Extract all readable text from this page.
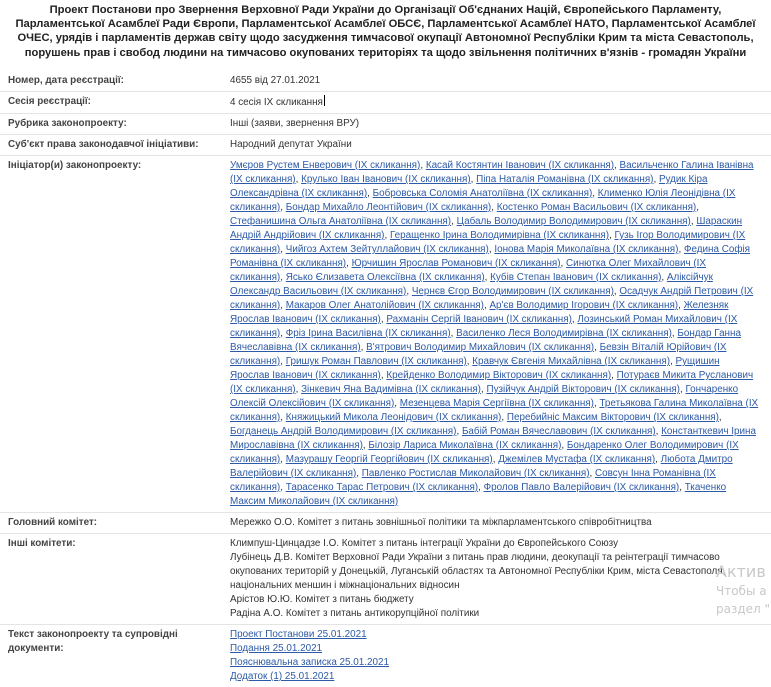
Проект Постанови про Звернення Верховної Ради України до Організації Об'єднаних Націй, Європейського Парламенту,
Парламентської Асамблеї Ради Європи, Парламентської Асамблеї ОБСЄ, Парламентської Асамблеї НАТО, Парламентської Асамблеї
ОЧЕС, урядів і парламентів держав світу щодо засудження тимчасової окупації Автономної Республіки Крим та міста Севастополь,
порушень прав і свобод людини на тимчасово окупованих територіях та щодо звільнення політичних в'язнів - громадян України
Номер, дата реєстрації:	4655 від 27.01.2021
Сесія реєстрації:	4 сесія IX скликання
Рубрика законопроекту:	Інші (заяви, звернення ВРУ)
Суб'єкт права законодавчої ініціативи:	Народний депутат України
Ініціатор(и) законопроекту:	Умєров Рустем Енверович (IX скликання), Касай Костянтин Іванович (IX скликання), Васильченко Галина Іванівна (IX скликання), Крулько Іван Іванович (IX скликання), Піпа Наталія Романівна (IX скликання), Рудик Кіра Олександрівна (IX скликання), Бобровська Соломія Анатоліївна (IX скликання), Клименко Юлія Леонідівна (IX скликання), Бондар Михайло Леонтійович (IX скликання), Костенко Роман Васильович (IX скликання), Стефанишина Ольга Анатоліївна (IX скликання), Цабаль Володимир Володимирович (IX скликання), Шараскин Андрій Андрійович (IX скликання), Геращенко Ірина Володимирівна (IX скликання), Гузь Ігор Володимирович (IX скликання), Чийгоз Ахтем Зейтуллайович (IX скликання), Іонова Марія Миколаївна (IX скликання), Федина Софія Романівна (IX скликання), Юрчишин Ярослав Романович (IX скликання), Синютка Олег Михайлович (IX скликання), Ясько Єлизавета Олексіївна (IX скликання), Кубів Степан Іванович (IX скликання), Аліксійчук Олександр Васильович (IX скликання), Чернєв Єгор Володимирович (IX скликання), Осадчук Андрій Петрович (IX скликання), Макаров Олег Анатолійович (IX скликання), Ар'єв Володимир Ігорович (IX скликання), Железняк Ярослав Іванович (IX скликання), Рахманін Сергій Іванович (IX скликання), Лозинський Роман Михайлович (IX скликання), Фріз Ірина Василівна (IX скликання), Василенко Леся Володимирівна (IX скликання), Бондар Ганна Вячеславівна (IX скликання), В'ятрович Володимир Михайлович (IX скликання), Бевзін Віталій Юрійович (IX скликання), Гришук Роман Павлович (IX скликання), Кравчук Євгенія Михайлівна (IX скликання), Рущишин Ярослав Іванович (IX скликання), Крейденко Володимир Вікторович (IX скликання), Потураєв Микита Русланович (IX скликання), Зінкевич Яна Вадимівна (IX скликання), Пузійчук Андрій Вікторович (IX скликання), Гончаренко Олексій Олексійович (IX скликання), Мезенцева Марія Сергіївна (IX скликання), Третьякова Галина Миколаївна (IX скликання), Княжицький Микола Леонідович (IX скликання), Перебийніс Максим Вікторович (IX скликання), Богданець Андрій Володимирович (IX скликання), Бабій Роман Вячеславович (IX скликання), Константкевич Ірина Мирославівна (IX скликання), Білозір Лариса Миколаївна (IX скликання), Бондаренко Олег Володимирович (IX скликання), Мазурашу Георгій Георгійович (IX скликання), Джемілев Мустафа (IX скликання), Любота Дмитро Валерійович (IX скликання), Павленко Ростислав Миколайович (IX скликання), Совсун Інна Романівна (IX скликання), Тарасенко Тарас Петрович (IX скликання), Фролов Павло Валерійович (IX скликання), Ткаченко Максим Миколайович (IX скликання)
Головний комітет:	Мережко О.О. Комітет з питань зовнішньої політики та міжпарламентського співробітництва
Інші комітети:	Климпуш-Цинцадзе І.О. Комітет з питань інтеграції України до Європейського Союзу
Лубінець Д.В. Комітет Верховної Ради України з питань прав людини, деокупації та реінтеграції тимчасово окупованих територій у Донецькій, Луганській областях та Автономної Республіки Крим, міста Севастополя, національних меншин і міжнаціональних відносин
Арістов Ю.Ю. Комітет з питань бюджету
Радіна А.О. Комітет з питань антикорупційної політики

Текст законопроекту та супровідні документи:	Проект Постанови 25.01.2021
Подання 25.01.2021
Пояснювальна записка 25.01.2021
Додаток (1) 25.01.2021
Актив
Чтобы а
раздел "
